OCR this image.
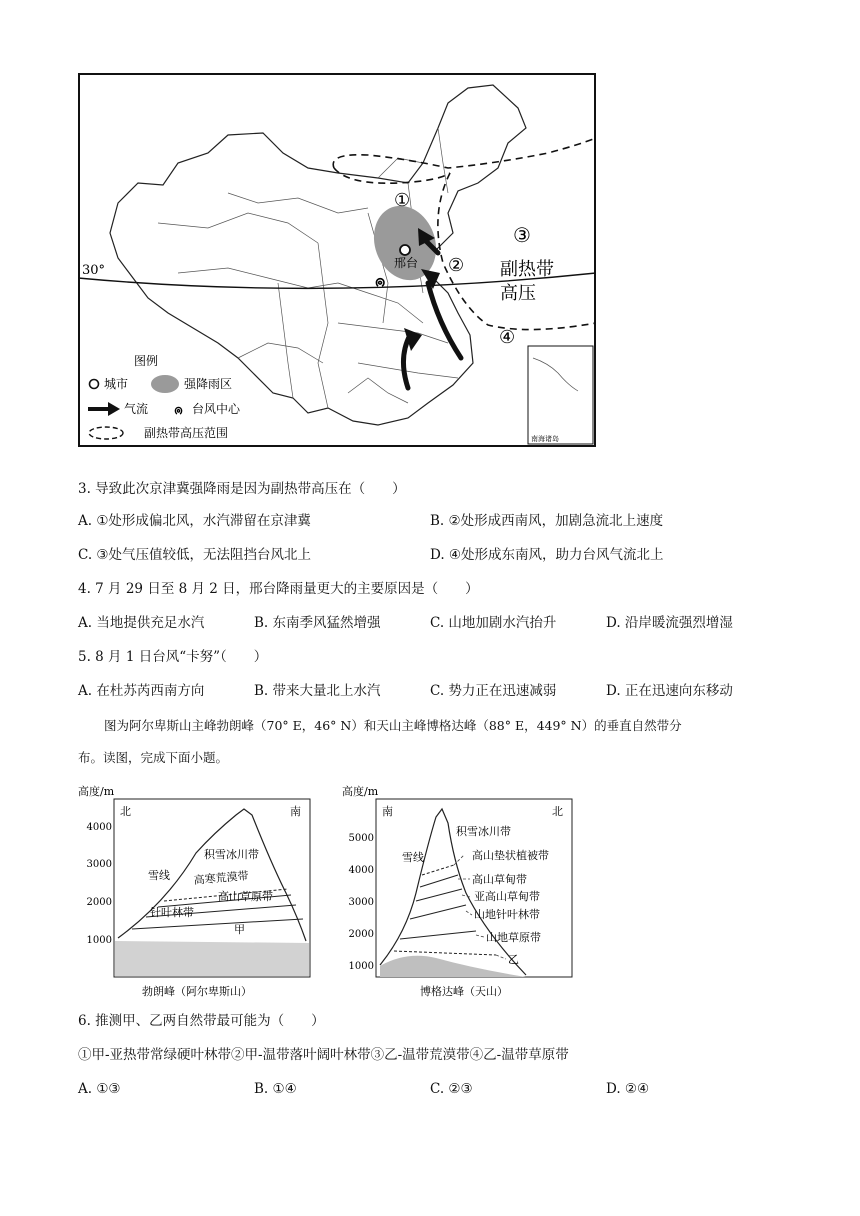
30°	邢台
ၐ
①
②
③
④
副热带
高压
南海诸岛
图例
城市	强降雨区
气流 ၐ 台风中心
副热带高压范围
3. 导致此次京津冀强降雨是因为副热带高压在（　　）
A. ①处形成偏北风，水汽滞留在京津冀	B. ②处形成西南风，加剧急流北上速度
C. ③处气压值较低，无法阻挡台风北上	D. ④处形成东南风，助力台风气流北上
4. 7 月 29 日至 8 月 2 日，邢台降雨量更大的主要原因是（　　）
A. 当地提供充足水汽	B. 东南季风猛然增强	C. 山地加剧水汽抬升	D. 沿岸暖流强烈增湿
5. 8 月 1 日台风“卡努”（　　）
A. 在杜苏芮西南方向	B. 带来大量北上水汽	C. 势力正在迅速减弱	D. 正在迅速向东移动
图为阿尔卑斯山主峰勃朗峰（70° E，46° N）和天山主峰博格达峰（88° E，449° N）的垂直自然带分
布。读图，完成下面小题。
高度/m
北	南
4000
3000
2000
1000
积雪冰川带
高寒荒漠带
高山草原带
针叶林带
甲
雪线
勃朗峰（阿尔卑斯山）
高度/m
南	北
5000
4000
3000
2000
1000
积雪冰川带
高山垫状植被带
高山草甸带
亚高山草甸带
山地针叶林带
山地草原带
乙
雪线
博格达峰（天山）
6. 推测甲、乙两自然带最可能为（　　）
①甲-亚热带常绿硬叶林带②甲-温带落叶阔叶林带③乙-温带荒漠带④乙-温带草原带
A. ①③	B. ①④	C. ②③	D. ②④
